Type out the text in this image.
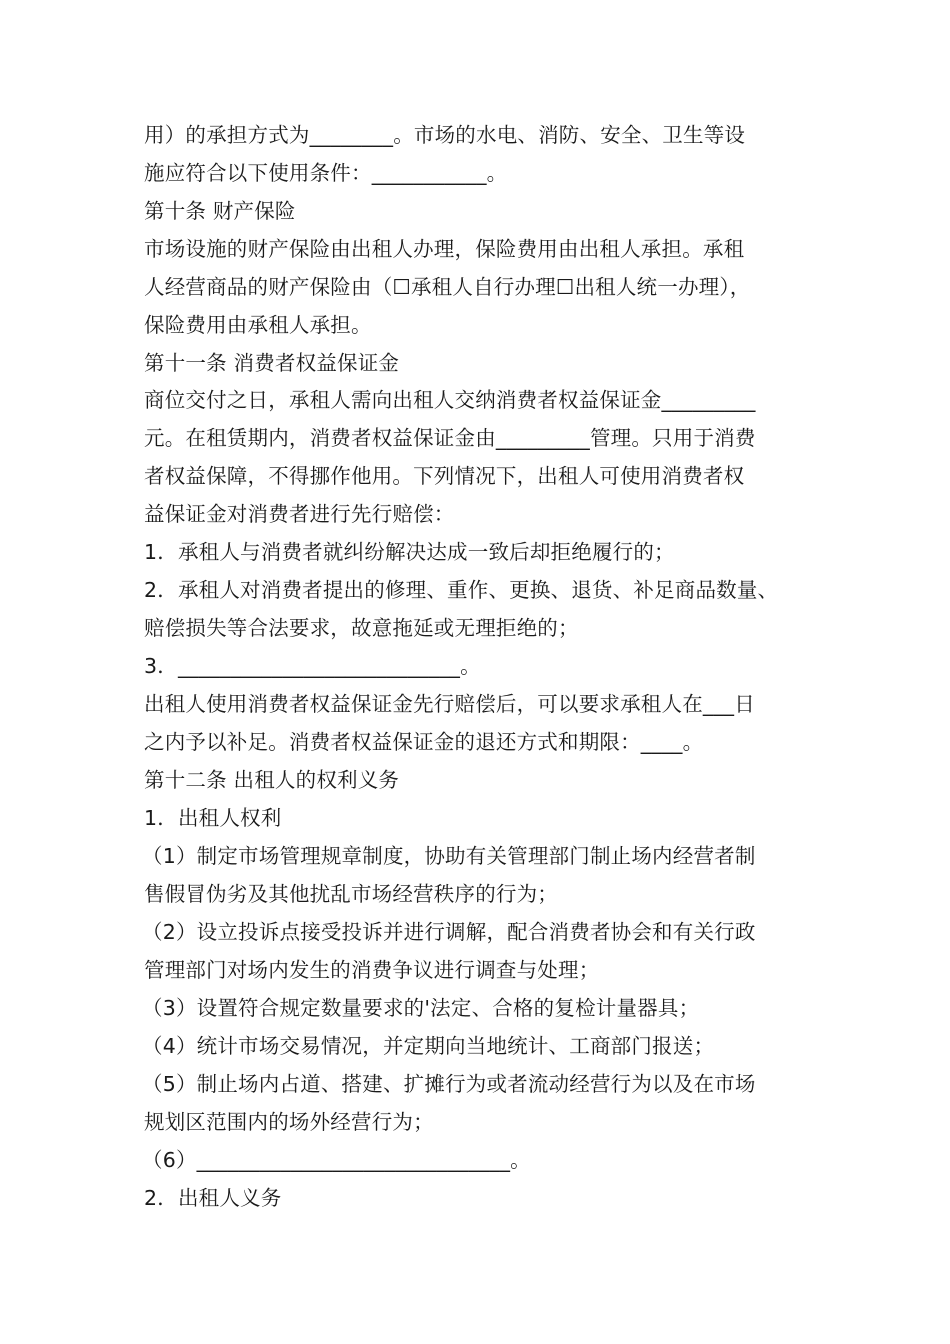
用）的承担方式为________。市场的水电、消防、安全、卫生等设
施应符合以下使用条件：___________。
第十条 财产保险
市场设施的财产保险由出租人办理，保险费用由出租人承担。承租
人经营商品的财产保险由（☐承租人自行办理☐出租人统一办理），
保险费用由承租人承担。
第十一条 消费者权益保证金
商位交付之日，承租人需向出租人交纳消费者权益保证金_________
元。在租赁期内，消费者权益保证金由_________管理。只用于消费
者权益保障，不得挪作他用。下列情况下，出租人可使用消费者权
益保证金对消费者进行先行赔偿：
1．承租人与消费者就纠纷解决达成一致后却拒绝履行的；
2．承租人对消费者提出的修理、重作、更换、退货、补足商品数量、
赔偿损失等合法要求，故意拖延或无理拒绝的；
3．___________________________。
出租人使用消费者权益保证金先行赔偿后，可以要求承租人在___日
之内予以补足。消费者权益保证金的退还方式和期限：____。
第十二条 出租人的权利义务
1．出租人权利
（1）制定市场管理规章制度，协助有关管理部门制止场内经营者制
售假冒伪劣及其他扰乱市场经营秩序的行为；
（2）设立投诉点接受投诉并进行调解，配合消费者协会和有关行政
管理部门对场内发生的消费争议进行调查与处理；
（3）设置符合规定数量要求的'法定、合格的复检计量器具；
（4）统计市场交易情况，并定期向当地统计、工商部门报送；
（5）制止场内占道、搭建、扩摊行为或者流动经营行为以及在市场
规划区范围内的场外经营行为；
（6）______________________________。
2．出租人义务
